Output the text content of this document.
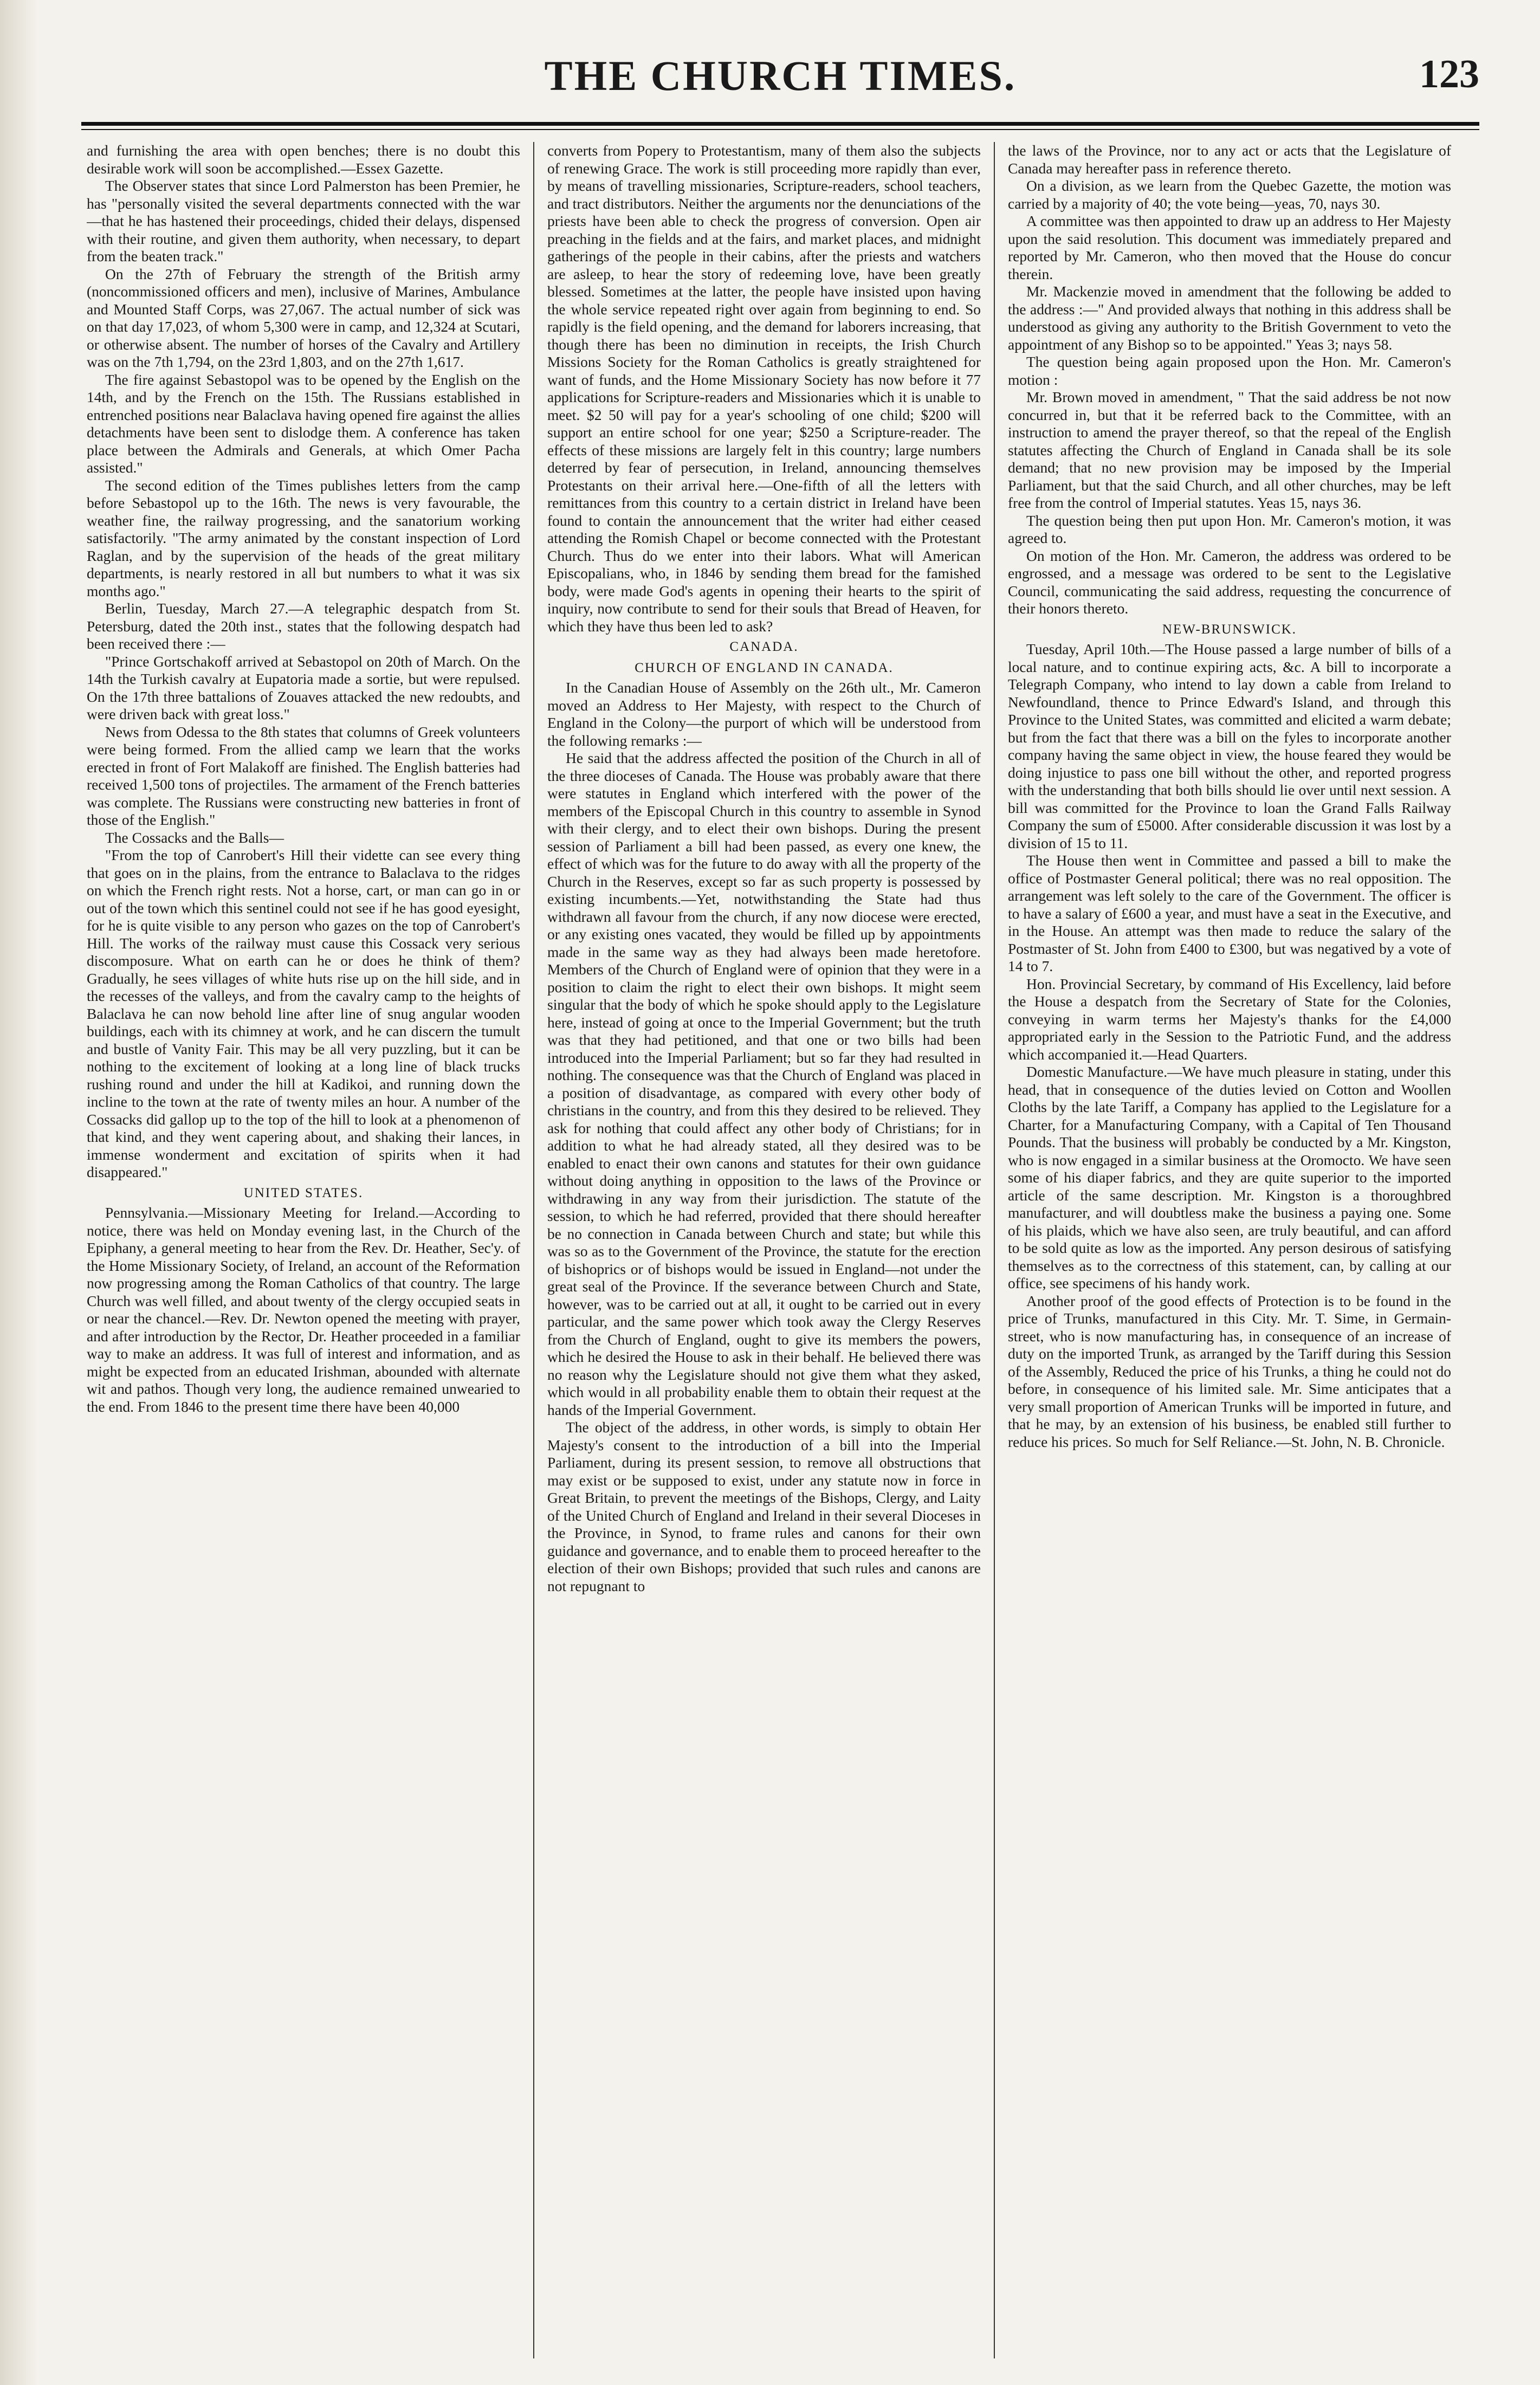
THE CHURCH TIMES.	123

and furnishing the area with open benches; there is no doubt this desirable work will soon be accomplished.—Essex Gazette.

The Observer states that since Lord Palmerston has been Premier, he has "personally visited the several departments connected with the war—that he has hastened their proceedings, chided their delays, dispensed with their routine, and given them authority, when necessary, to depart from the beaten track."

On the 27th of February the strength of the British army (noncommissioned officers and men), inclusive of Marines, Ambulance and Mounted Staff Corps, was 27,067. The actual number of sick was on that day 17,023, of whom 5,300 were in camp, and 12,324 at Scutari, or otherwise absent. The number of horses of the Cavalry and Artillery was on the 7th 1,794, on the 23rd 1,803, and on the 27th 1,617.

The fire against Sebastopol was to be opened by the English on the 14th, and by the French on the 15th. The Russians established in entrenched positions near Balaclava having opened fire against the allies detachments have been sent to dislodge them. A conference has taken place between the Admirals and Generals, at which Omer Pacha assisted."

The second edition of the Times publishes letters from the camp before Sebastopol up to the 16th. The news is very favourable, the weather fine, the railway progressing, and the sanatorium working satisfactorily. "The army animated by the constant inspection of Lord Raglan, and by the supervision of the heads of the great military departments, is nearly restored in all but numbers to what it was six months ago."

Berlin, Tuesday, March 27.—A telegraphic despatch from St. Petersburg, dated the 20th inst., states that the following despatch had been received there :—

"Prince Gortschakoff arrived at Sebastopol on 20th of March. On the 14th the Turkish cavalry at Eupatoria made a sortie, but were repulsed. On the 17th three battalions of Zouaves attacked the new redoubts, and were driven back with great loss."

News from Odessa to the 8th states that columns of Greek volunteers were being formed. From the allied camp we learn that the works erected in front of Fort Malakoff are finished. The English batteries had received 1,500 tons of projectiles. The armament of the French batteries was complete. The Russians were constructing new batteries in front of those of the English."

The Cossacks and the Balls—

"From the top of Canrobert's Hill their vidette can see every thing that goes on in the plains, from the entrance to Balaclava to the ridges on which the French right rests. Not a horse, cart, or man can go in or out of the town which this sentinel could not see if he has good eyesight, for he is quite visible to any person who gazes on the top of Canrobert's Hill. The works of the railway must cause this Cossack very serious discomposure. What on earth can he or does he think of them? Gradually, he sees villages of white huts rise up on the hill side, and in the recesses of the valleys, and from the cavalry camp to the heights of Balaclava he can now behold line after line of snug angular wooden buildings, each with its chimney at work, and he can discern the tumult and bustle of Vanity Fair. This may be all very puzzling, but it can be nothing to the excitement of looking at a long line of black trucks rushing round and under the hill at Kadikoi, and running down the incline to the town at the rate of twenty miles an hour. A number of the Cossacks did gallop up to the top of the hill to look at a phenomenon of that kind, and they went capering about, and shaking their lances, in immense wonderment and excitation of spirits when it had disappeared."

UNITED STATES.

Pennsylvania.—Missionary Meeting for Ireland.—According to notice, there was held on Monday evening last, in the Church of the Epiphany, a general meeting to hear from the Rev. Dr. Heather, Sec'y. of the Home Missionary Society, of Ireland, an account of the Reformation now progressing among the Roman Catholics of that country. The large Church was well filled, and about twenty of the clergy occupied seats in or near the chancel.—Rev. Dr. Newton opened the meeting with prayer, and after introduction by the Rector, Dr. Heather proceeded in a familiar way to make an address. It was full of interest and information, and as might be expected from an educated Irishman, abounded with alternate wit and pathos. Though very long, the audience remained unwearied to the end. From 1846 to the present time there have been 40,000

converts from Popery to Protestantism, many of them also the subjects of renewing Grace. The work is still proceeding more rapidly than ever, by means of travelling missionaries, Scripture-readers, school teachers, and tract distributors. Neither the arguments nor the denunciations of the priests have been able to check the progress of conversion. Open air preaching in the fields and at the fairs, and market places, and midnight gatherings of the people in their cabins, after the priests and watchers are asleep, to hear the story of redeeming love, have been greatly blessed. Sometimes at the latter, the people have insisted upon having the whole service repeated right over again from beginning to end. So rapidly is the field opening, and the demand for laborers increasing, that though there has been no diminution in receipts, the Irish Church Missions Society for the Roman Catholics is greatly straightened for want of funds, and the Home Missionary Society has now before it 77 applications for Scripture-readers and Missionaries which it is unable to meet. $2 50 will pay for a year's schooling of one child; $200 will support an entire school for one year; $250 a Scripture-reader. The effects of these missions are largely felt in this country; large numbers deterred by fear of persecution, in Ireland, announcing themselves Protestants on their arrival here.—One-fifth of all the letters with remittances from this country to a certain district in Ireland have been found to contain the announcement that the writer had either ceased attending the Romish Chapel or become connected with the Protestant Church. Thus do we enter into their labors. What will American Episcopalians, who, in 1846 by sending them bread for the famished body, were made God's agents in opening their hearts to the spirit of inquiry, now contribute to send for their souls that Bread of Heaven, for which they have thus been led to ask?

CANADA.
CHURCH OF ENGLAND IN CANADA.

In the Canadian House of Assembly on the 26th ult., Mr. Cameron moved an Address to Her Majesty, with respect to the Church of England in the Colony—the purport of which will be understood from the following remarks :—

He said that the address affected the position of the Church in all of the three dioceses of Canada. The House was probably aware that there were statutes in England which interfered with the power of the members of the Episcopal Church in this country to assemble in Synod with their clergy, and to elect their own bishops. During the present session of Parliament a bill had been passed, as every one knew, the effect of which was for the future to do away with all the property of the Church in the Reserves, except so far as such property is possessed by existing incumbents.—Yet, notwithstanding the State had thus withdrawn all favour from the church, if any now diocese were erected, or any existing ones vacated, they would be filled up by appointments made in the same way as they had always been made heretofore. Members of the Church of England were of opinion that they were in a position to claim the right to elect their own bishops. It might seem singular that the body of which he spoke should apply to the Legislature here, instead of going at once to the Imperial Government; but the truth was that they had petitioned, and that one or two bills had been introduced into the Imperial Parliament; but so far they had resulted in nothing. The consequence was that the Church of England was placed in a position of disadvantage, as compared with every other body of christians in the country, and from this they desired to be relieved. They ask for nothing that could affect any other body of Christians; for in addition to what he had already stated, all they desired was to be enabled to enact their own canons and statutes for their own guidance without doing anything in opposition to the laws of the Province or withdrawing in any way from their jurisdiction. The statute of the session, to which he had referred, provided that there should hereafter be no connection in Canada between Church and state; but while this was so as to the Government of the Province, the statute for the erection of bishoprics or of bishops would be issued in England—not under the great seal of the Province. If the severance between Church and State, however, was to be carried out at all, it ought to be carried out in every particular, and the same power which took away the Clergy Reserves from the Church of England, ought to give its members the powers, which he desired the House to ask in their behalf. He believed there was no reason why the Legislature should not give them what they asked, which would in all probability enable them to obtain their request at the hands of the Imperial Government.

The object of the address, in other words, is simply to obtain Her Majesty's consent to the introduction of a bill into the Imperial Parliament, during its present session, to remove all obstructions that may exist or be supposed to exist, under any statute now in force in Great Britain, to prevent the meetings of the Bishops, Clergy, and Laity of the United Church of England and Ireland in their several Dioceses in the Province, in Synod, to frame rules and canons for their own guidance and governance, and to enable them to proceed hereafter to the election of their own Bishops; provided that such rules and canons are not repugnant to

the laws of the Province, nor to any act or acts that the Legislature of Canada may hereafter pass in reference thereto.

On a division, as we learn from the Quebec Gazette, the motion was carried by a majority of 40; the vote being—yeas, 70, nays 30.

A committee was then appointed to draw up an address to Her Majesty upon the said resolution. This document was immediately prepared and reported by Mr. Cameron, who then moved that the House do concur therein.

Mr. Mackenzie moved in amendment that the following be added to the address :—" And provided always that nothing in this address shall be understood as giving any authority to the British Government to veto the appointment of any Bishop so to be appointed." Yeas 3; nays 58.

The question being again proposed upon the Hon. Mr. Cameron's motion :

Mr. Brown moved in amendment, " That the said address be not now concurred in, but that it be referred back to the Committee, with an instruction to amend the prayer thereof, so that the repeal of the English statutes affecting the Church of England in Canada shall be its sole demand; that no new provision may be imposed by the Imperial Parliament, but that the said Church, and all other churches, may be left free from the control of Imperial statutes. Yeas 15, nays 36.

The question being then put upon Hon. Mr. Cameron's motion, it was agreed to.

On motion of the Hon. Mr. Cameron, the address was ordered to be engrossed, and a message was ordered to be sent to the Legislative Council, communicating the said address, requesting the concurrence of their honors thereto.

NEW-BRUNSWICK.

Tuesday, April 10th.—The House passed a large number of bills of a local nature, and to continue expiring acts, &c. A bill to incorporate a Telegraph Company, who intend to lay down a cable from Ireland to Newfoundland, thence to Prince Edward's Island, and through this Province to the United States, was committed and elicited a warm debate; but from the fact that there was a bill on the fyles to incorporate another company having the same object in view, the house feared they would be doing injustice to pass one bill without the other, and reported progress with the understanding that both bills should lie over until next session. A bill was committed for the Province to loan the Grand Falls Railway Company the sum of £5000. After considerable discussion it was lost by a division of 15 to 11.

The House then went in Committee and passed a bill to make the office of Postmaster General political; there was no real opposition. The arrangement was left solely to the care of the Government. The officer is to have a salary of £600 a year, and must have a seat in the Executive, and in the House. An attempt was then made to reduce the salary of the Postmaster of St. John from £400 to £300, but was negatived by a vote of 14 to 7.

Hon. Provincial Secretary, by command of His Excellency, laid before the House a despatch from the Secretary of State for the Colonies, conveying in warm terms her Majesty's thanks for the £4,000 appropriated early in the Session to the Patriotic Fund, and the address which accompanied it.—Head Quarters.

Domestic Manufacture.—We have much pleasure in stating, under this head, that in consequence of the duties levied on Cotton and Woollen Cloths by the late Tariff, a Company has applied to the Legislature for a Charter, for a Manufacturing Company, with a Capital of Ten Thousand Pounds. That the business will probably be conducted by a Mr. Kingston, who is now engaged in a similar business at the Oromocto. We have seen some of his diaper fabrics, and they are quite superior to the imported article of the same description. Mr. Kingston is a thoroughbred manufacturer, and will doubtless make the business a paying one. Some of his plaids, which we have also seen, are truly beautiful, and can afford to be sold quite as low as the imported. Any person desirous of satisfying themselves as to the correctness of this statement, can, by calling at our office, see specimens of his handy work.

Another proof of the good effects of Protection is to be found in the price of Trunks, manufactured in this City. Mr. T. Sime, in Germain-street, who is now manufacturing has, in consequence of an increase of duty on the imported Trunk, as arranged by the Tariff during this Session of the Assembly, Reduced the price of his Trunks, a thing he could not do before, in consequence of his limited sale. Mr. Sime anticipates that a very small proportion of American Trunks will be imported in future, and that he may, by an extension of his business, be enabled still further to reduce his prices. So much for Self Reliance.—St. John, N. B. Chronicle.
